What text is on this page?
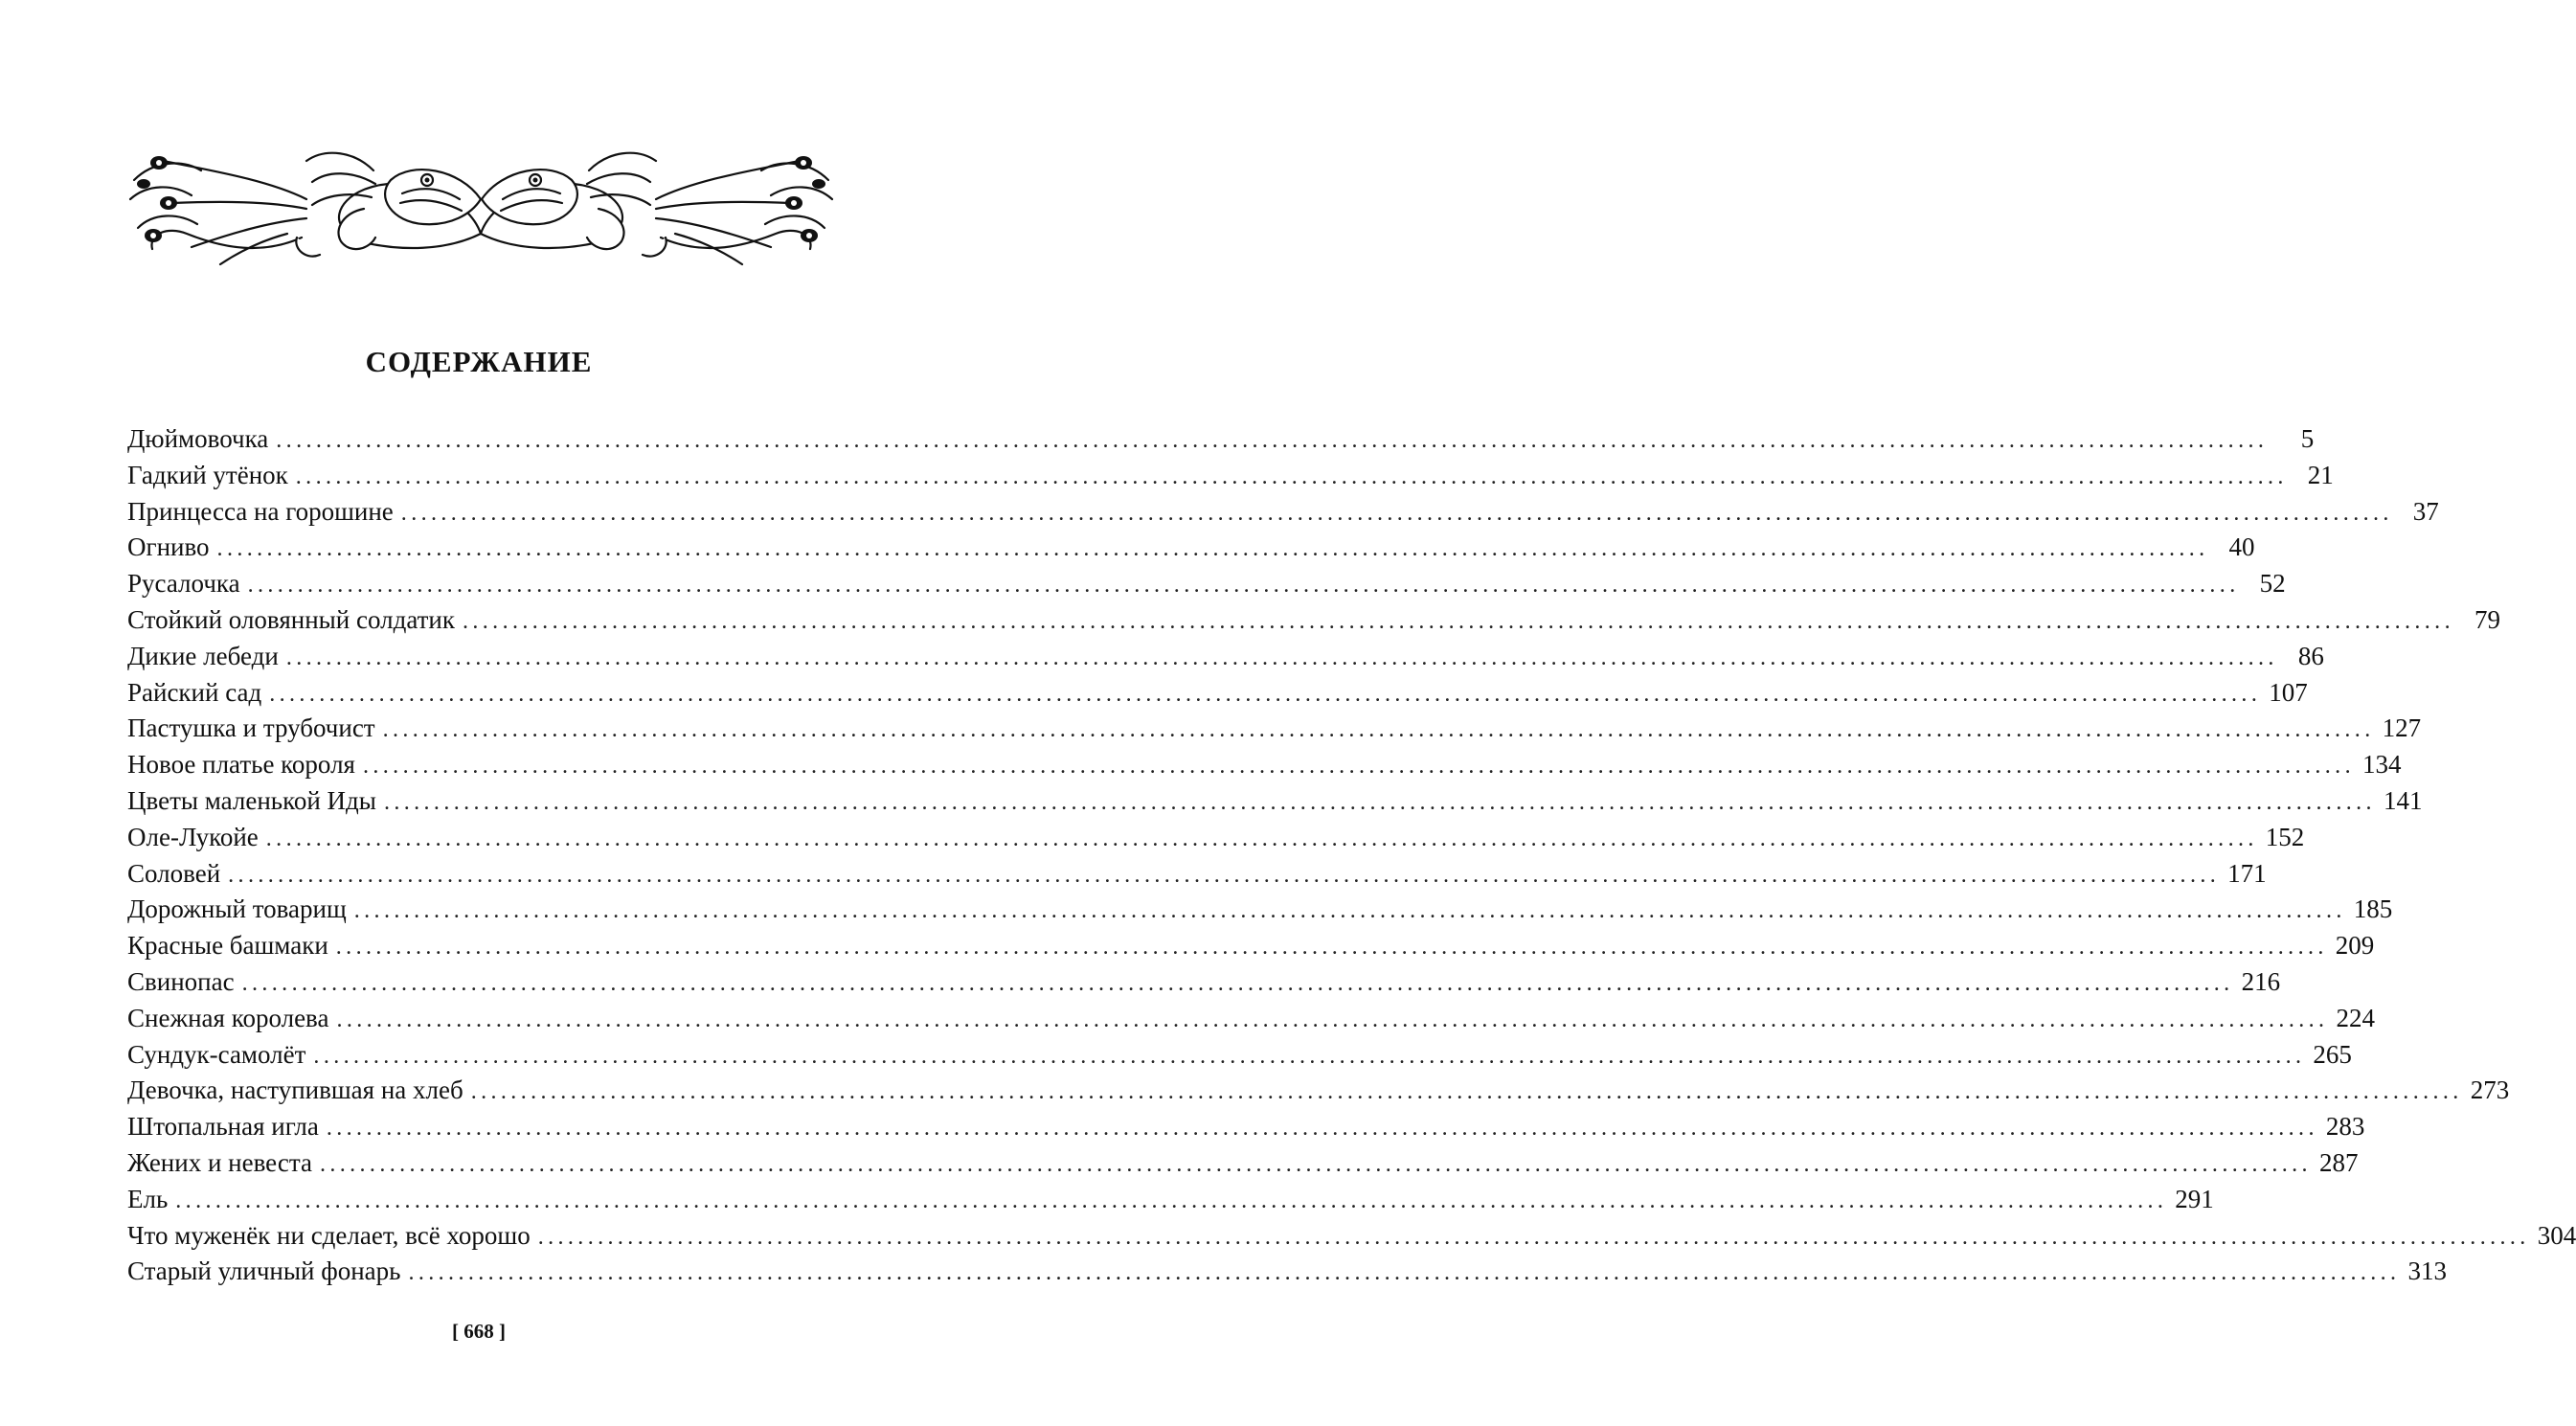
СОДЕРЖАНИЕ
Дюймовочка ........................................................................................................................................................................................................	5
Гадкий утёнок ........................................................................................................................................................................................................ 21
Принцесса на горошине ........................................................................................................................................................................................................ 37
Огниво ........................................................................................................................................................................................................ 40
Русалочка ........................................................................................................................................................................................................ 52
Стойкий оловянный солдатик ........................................................................................................................................................................................................ 79
Дикие лебеди ........................................................................................................................................................................................................ 86
Райский сад ........................................................................................................................................................................................................ 107
Пастушка и трубочист ........................................................................................................................................................................................................ 127
Новое платье короля ........................................................................................................................................................................................................ 134
Цветы маленькой Иды ........................................................................................................................................................................................................ 141
Оле-Лукойе ........................................................................................................................................................................................................ 152
Соловей ........................................................................................................................................................................................................ 171
Дорожный товарищ ........................................................................................................................................................................................................ 185
Красные башмаки ........................................................................................................................................................................................................ 209
Свинопас ........................................................................................................................................................................................................ 216
Снежная королева ........................................................................................................................................................................................................ 224
Сундук-самолёт ........................................................................................................................................................................................................ 265
Девочка, наступившая на хлеб ........................................................................................................................................................................................................ 273
Штопальная игла ........................................................................................................................................................................................................ 283
Жених и невеста ........................................................................................................................................................................................................ 287
Ель ........................................................................................................................................................................................................ 291
Что муженёк ни сделает, всё хорошо ........................................................................................................................................................................................................ 304
Старый уличный фонарь ........................................................................................................................................................................................................ 313
[ 668 ]
